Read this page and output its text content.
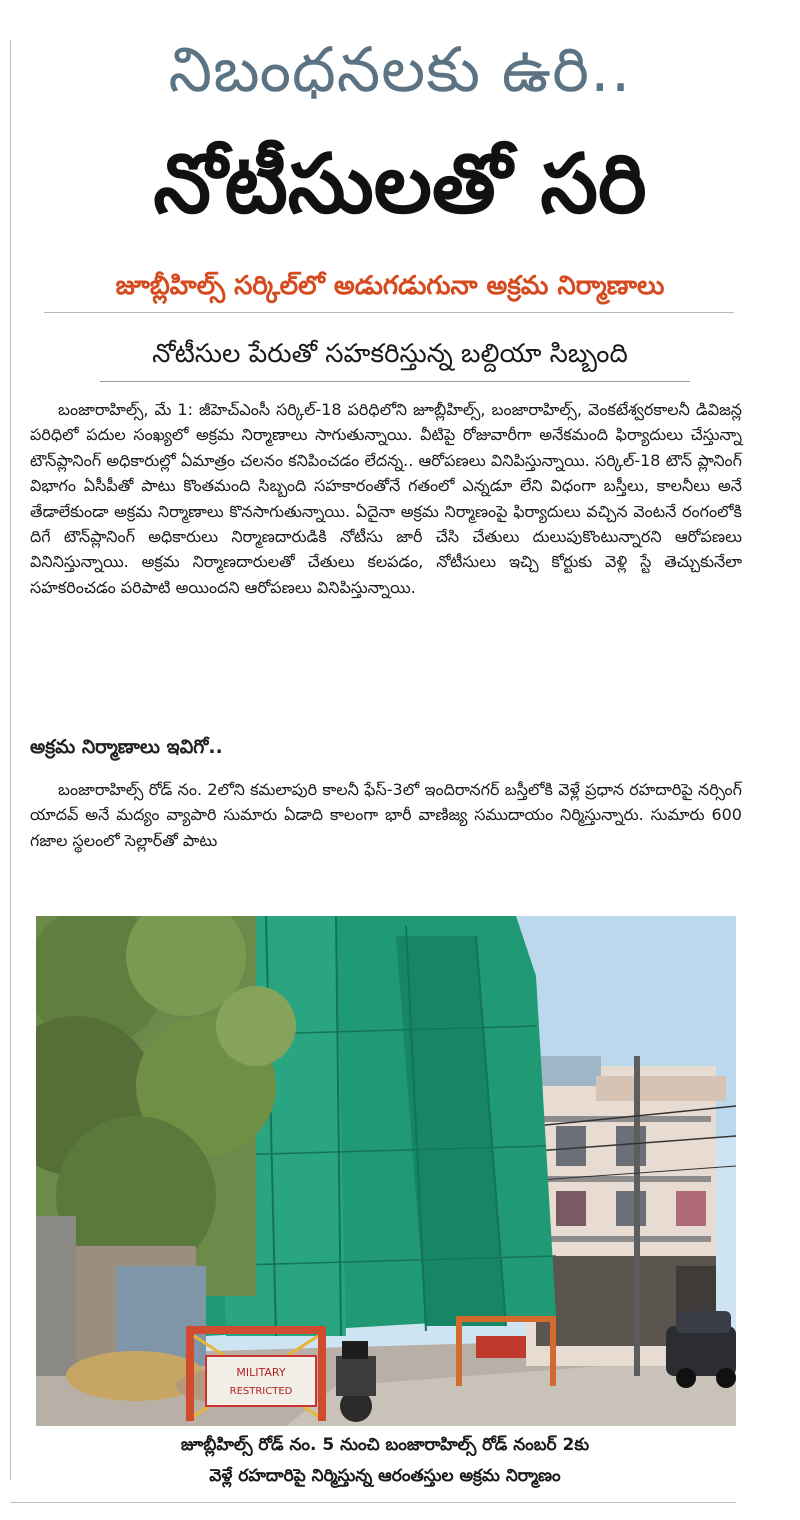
నిబంధనలకు ఉరి..
నోటీసులతో సరి
జూబ్లీహిల్స్‌ సర్కిల్‌లో అడుగడుగునా అక్రమ నిర్మాణాలు
నోటీసుల పేరుతో సహకరిస్తున్న బల్దియా సిబ్బంది

బంజారాహిల్స్‌, మే 1: జీహెచ్‌ఎంసీ సర్కిల్‌-18 పరిధిలోని జూబ్లీహిల్స్‌, బంజారాహిల్స్‌, వెంకటేశ్వరకాలనీ డివిజన్ల పరిధిలో పదుల సంఖ్యలో అక్రమ నిర్మాణాలు సాగుతున్నాయి. వీటిపై రోజువారీగా అనేకమంది ఫిర్యాదులు చేస్తున్నా టౌన్‌ప్లానింగ్‌ అధికారుల్లో ఏమాత్రం చలనం కనిపించడం లేదన్న.. ఆరోపణలు వినిపిస్తున్నాయి. సర్కిల్‌-18 టౌన్‌ ప్లానింగ్‌ విభాగం ఏసీపీతో పాటు కొంతమంది సిబ్బంది సహకారంతోనే గతంలో ఎన్నడూ లేని విధంగా బస్తీలు, కాలనీలు అనే తేడాలేకుండా అక్రమ నిర్మాణాలు కొనసాగుతున్నాయి. ఏదైనా అక్రమ నిర్మాణంపై ఫిర్యాదులు వచ్చిన వెంటనే రంగంలోకి దిగే టౌన్‌ప్లానింగ్‌ అధికారులు నిర్మాణదారుడికి నోటీసు జారీ చేసి చేతులు దులుపుకొంటున్నారని ఆరోపణలు వినినిస్తున్నాయి. అక్రమ నిర్మాణదారులతో చేతులు కలపడం, నోటీసులు ఇచ్చి కోర్టుకు వెళ్లి స్టే తెచ్చుకునేలా సహకరించడం పరిపాటి అయిందని ఆరోపణలు వినిపిస్తున్నాయి.

అక్రమ నిర్మాణాలు ఇవిగో..

బంజారాహిల్స్‌ రోడ్‌ నం. 2లోని కమలాపురి కాలనీ ఫేస్‌-3లో ఇందిరానగర్‌ బస్తీలోకి వెళ్లే ప్రధాన రహదారిపై నర్సింగ్‌ యాదవ్‌ అనే మద్యం వ్యాపారి సుమారు ఏడాది కాలంగా భారీ వాణిజ్య సముదాయం నిర్మిస్తున్నారు. సుమారు 600 గజాల స్థలంలో సెల్లార్‌తో పాటు

MILITARY
RESTRICTED
జూబ్లీహిల్స్‌ రోడ్‌ నం. 5 నుంచి బంజారాహిల్స్‌ రోడ్‌ నంబర్‌ 2కు
వెళ్లే రహదారిపై నిర్మిస్తున్న ఆరంతస్తుల అక్రమ నిర్మాణం
